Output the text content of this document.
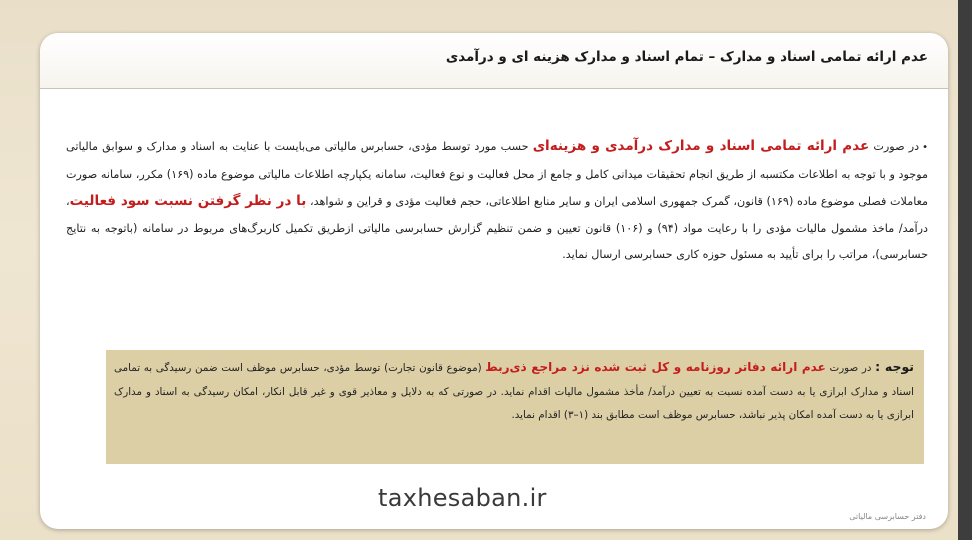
عدم ارائه تمامی اسناد و مدارک – تمام اسناد و مدارک هزینه ای و درآمدی

•در صورت عدم ارائه تمامی اسناد و مدارک درآمدی و هزینه‌ای حسب مورد توسط مؤدی، حسابرس مالیاتی می‌بایست با عنایت به اسناد و مدارک و سوابق مالیاتی موجود و با توجه به اطلاعات مکتسبه از طریق انجام تحقیقات میدانی کامل و جامع از محل فعالیت و نوع فعالیت، سامانه یکپارچه اطلاعات مالیاتی موضوع ماده (۱۶۹) مکرر، سامانه صورت معاملات فصلی موضوع ماده (۱۶۹) قانون، گمرک جمهوری اسلامی ایران و سایر منابع اطلاعاتی، حجم فعالیت مؤدی و قراین و شواهد، با در نظر گرفتن نسبت سود فعالیت، درآمد/ ماخذ مشمول مالیات مؤدی را با رعایت مواد (۹۴) و (۱۰۶) قانون تعیین و ضمن تنظیم گزارش حسابرسی مالیاتی ازطریق تکمیل کاربرگ‌های مربوط در سامانه (باتوجه به نتایج حسابرسی)، مراتب را برای تأیید به مسئول حوزه کاری حسابرسی ارسال نماید.

توجه : در صورت عدم ارائه دفاتر روزنامه و کل ثبت شده نزد مراجع ذی‌ربط (موضوع قانون تجارت) توسط مؤدی، حسابرس موظف است ضمن رسیدگی به تمامی اسناد و مدارک ابرازی یا به دست آمده نسبت به تعیین درآمد/ مأخذ مشمول مالیات اقدام نماید. در صورتی که به دلایل و معاذیر قوی و غیر قابل انکار، امکان رسیدگی به اسناد و مدارک ابرازی یا به دست آمده امکان پذیر نباشد، حسابرس موظف است مطابق بند (۱–۳) اقدام نماید.
دفتر حسابرسی مالیاتی
taxhesaban.ir
